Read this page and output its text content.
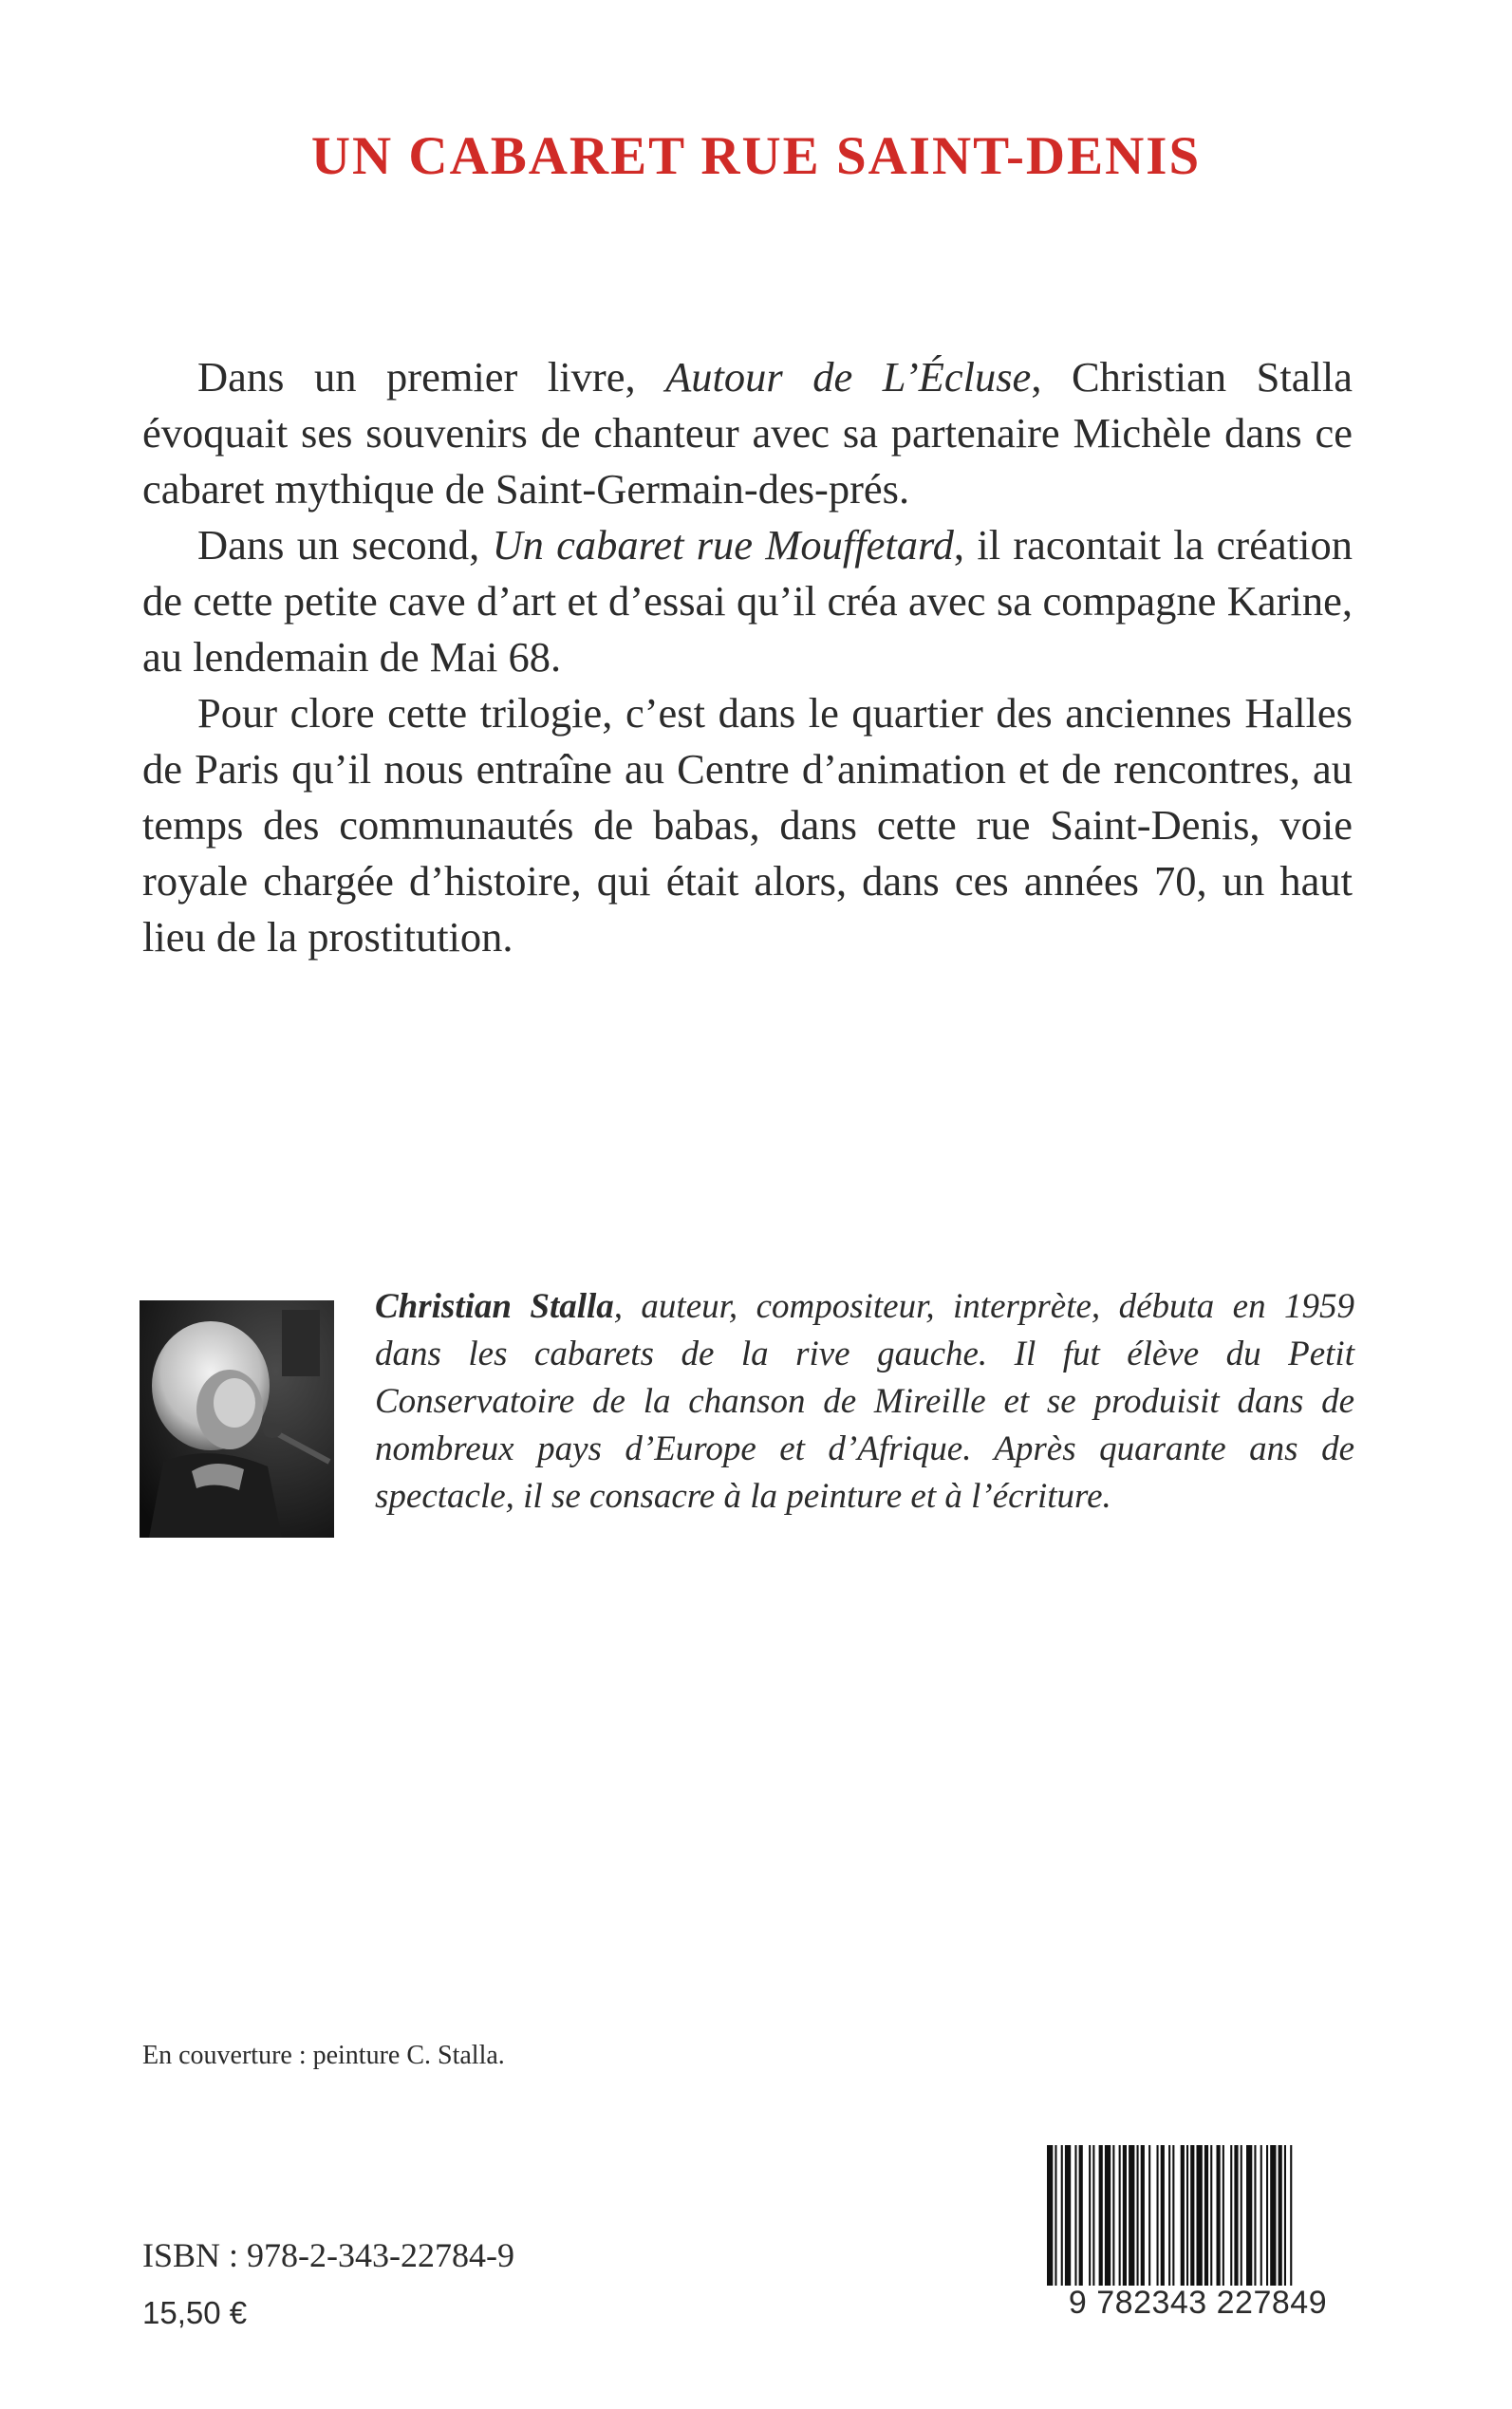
UN CABARET RUE SAINT-DENIS

Dans un premier livre, Autour de L’Écluse, Christian Stalla évoquait ses souvenirs de chanteur avec sa partenaire Michèle dans ce cabaret mythique de Saint-Germain-des-prés.

Dans un second, Un cabaret rue Mouffetard, il racontait la création de cette petite cave d’art et d’essai qu’il créa avec sa compagne Karine, au lendemain de Mai 68.

Pour clore cette trilogie, c’est dans le quartier des anciennes Halles de Paris qu’il nous entraîne au Centre d’animation et de rencontres, au temps des communautés de babas, dans cette rue Saint-Denis, voie royale chargée d’histoire, qui était alors, dans ces années 70, un haut lieu de la prostitution.

Christian Stalla, auteur, compositeur, interprète, débuta en 1959 dans les cabarets de la rive gauche. Il fut élève du Petit Conservatoire de la chanson de Mireille et se produisit dans de nombreux pays d’Europe et d’Afrique. Après quarante ans de spectacle, il se consacre à la peinture et à l’écriture.

En couverture : peinture C. Stalla.

9 782343 227849

ISBN : 978-2-343-22784-9

15,50 €
